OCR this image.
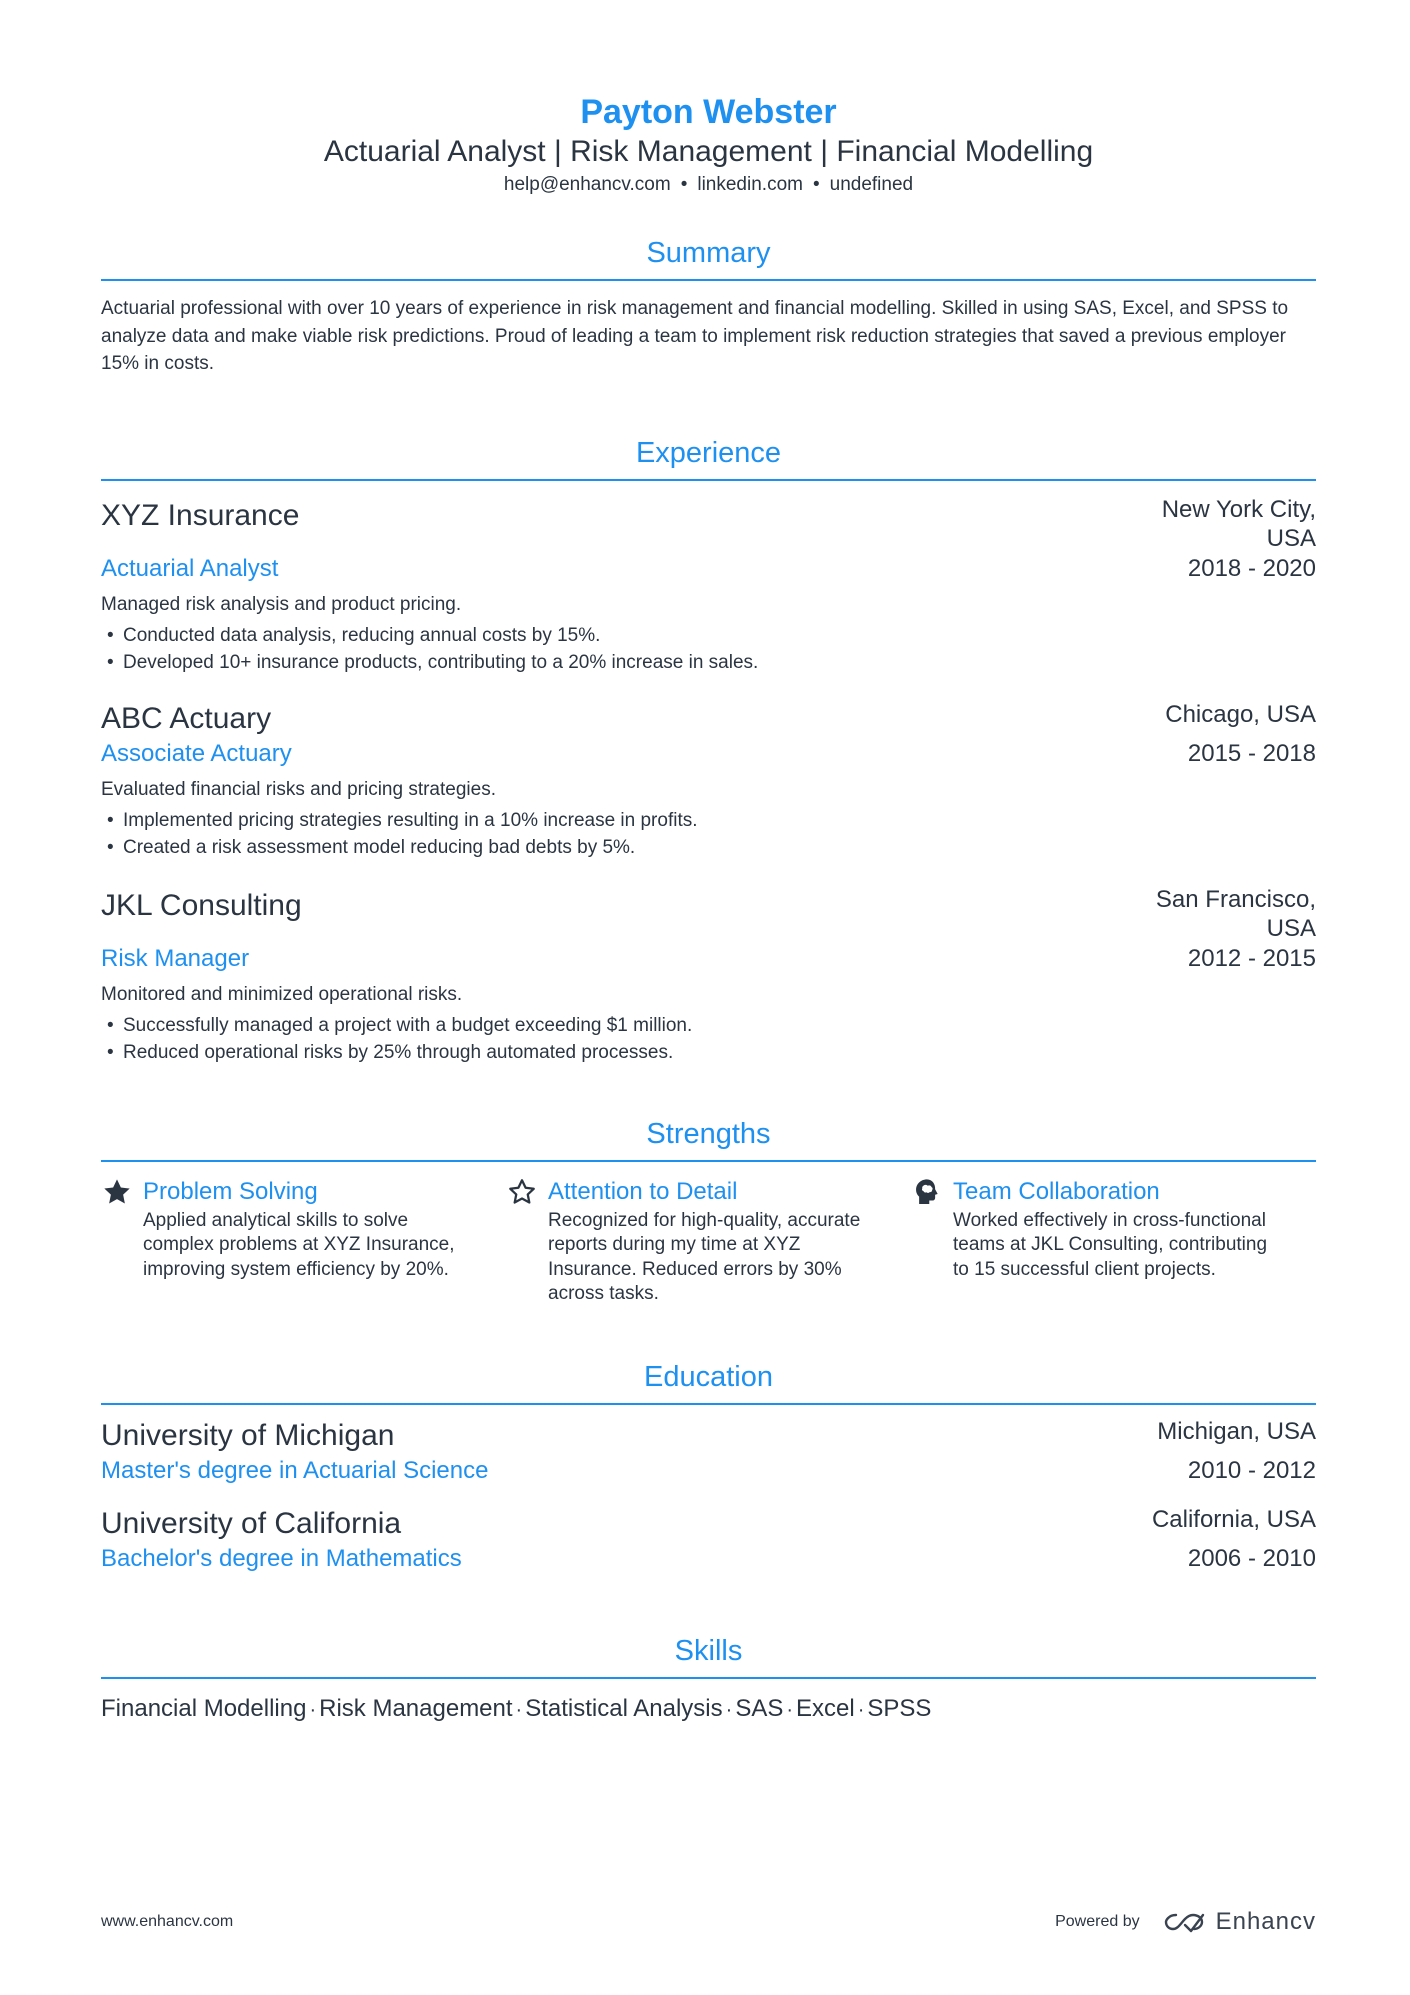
Payton Webster
Actuarial Analyst | Risk Management | Financial Modelling
help@enhancv.com • linkedin.com • undefined
Summary
Actuarial professional with over 10 years of experience in risk management and financial modelling. Skilled in using SAS, Excel, and SPSS to analyze data and make viable risk predictions. Proud of leading a team to implement risk reduction strategies that saved a previous employer 15% in costs.
Experience
XYZ Insurance	New York City,
USA
Actuarial Analyst	2018 - 2020
Managed risk analysis and product pricing.
• Conducted data analysis, reducing annual costs by 15%.
• Developed 10+ insurance products, contributing to a 20% increase in sales.
ABC Actuary	Chicago, USA
Associate Actuary	2015 - 2018
Evaluated financial risks and pricing strategies.
• Implemented pricing strategies resulting in a 10% increase in profits.
• Created a risk assessment model reducing bad debts by 5%.
JKL Consulting	San Francisco,
USA
Risk Manager	2012 - 2015
Monitored and minimized operational risks.
• Successfully managed a project with a budget exceeding $1 million.
• Reduced operational risks by 25% through automated processes.
Strengths
Problem Solving
Applied analytical skills to solve complex problems at XYZ Insurance, improving system efficiency by 20%.
Attention to Detail
Recognized for high-quality, accurate reports during my time at XYZ Insurance. Reduced errors by 30% across tasks.
Team Collaboration
Worked effectively in cross-functional teams at JKL Consulting, contributing to 15 successful client projects.
Education
University of Michigan	Michigan, USA
Master's degree in Actuarial Science	2010 - 2012
University of California	California, USA
Bachelor's degree in Mathematics	2006 - 2010
Skills
Financial Modelling · Risk Management · Statistical Analysis · SAS · Excel · SPSS
www.enhancv.com	Powered by	Enhancv
